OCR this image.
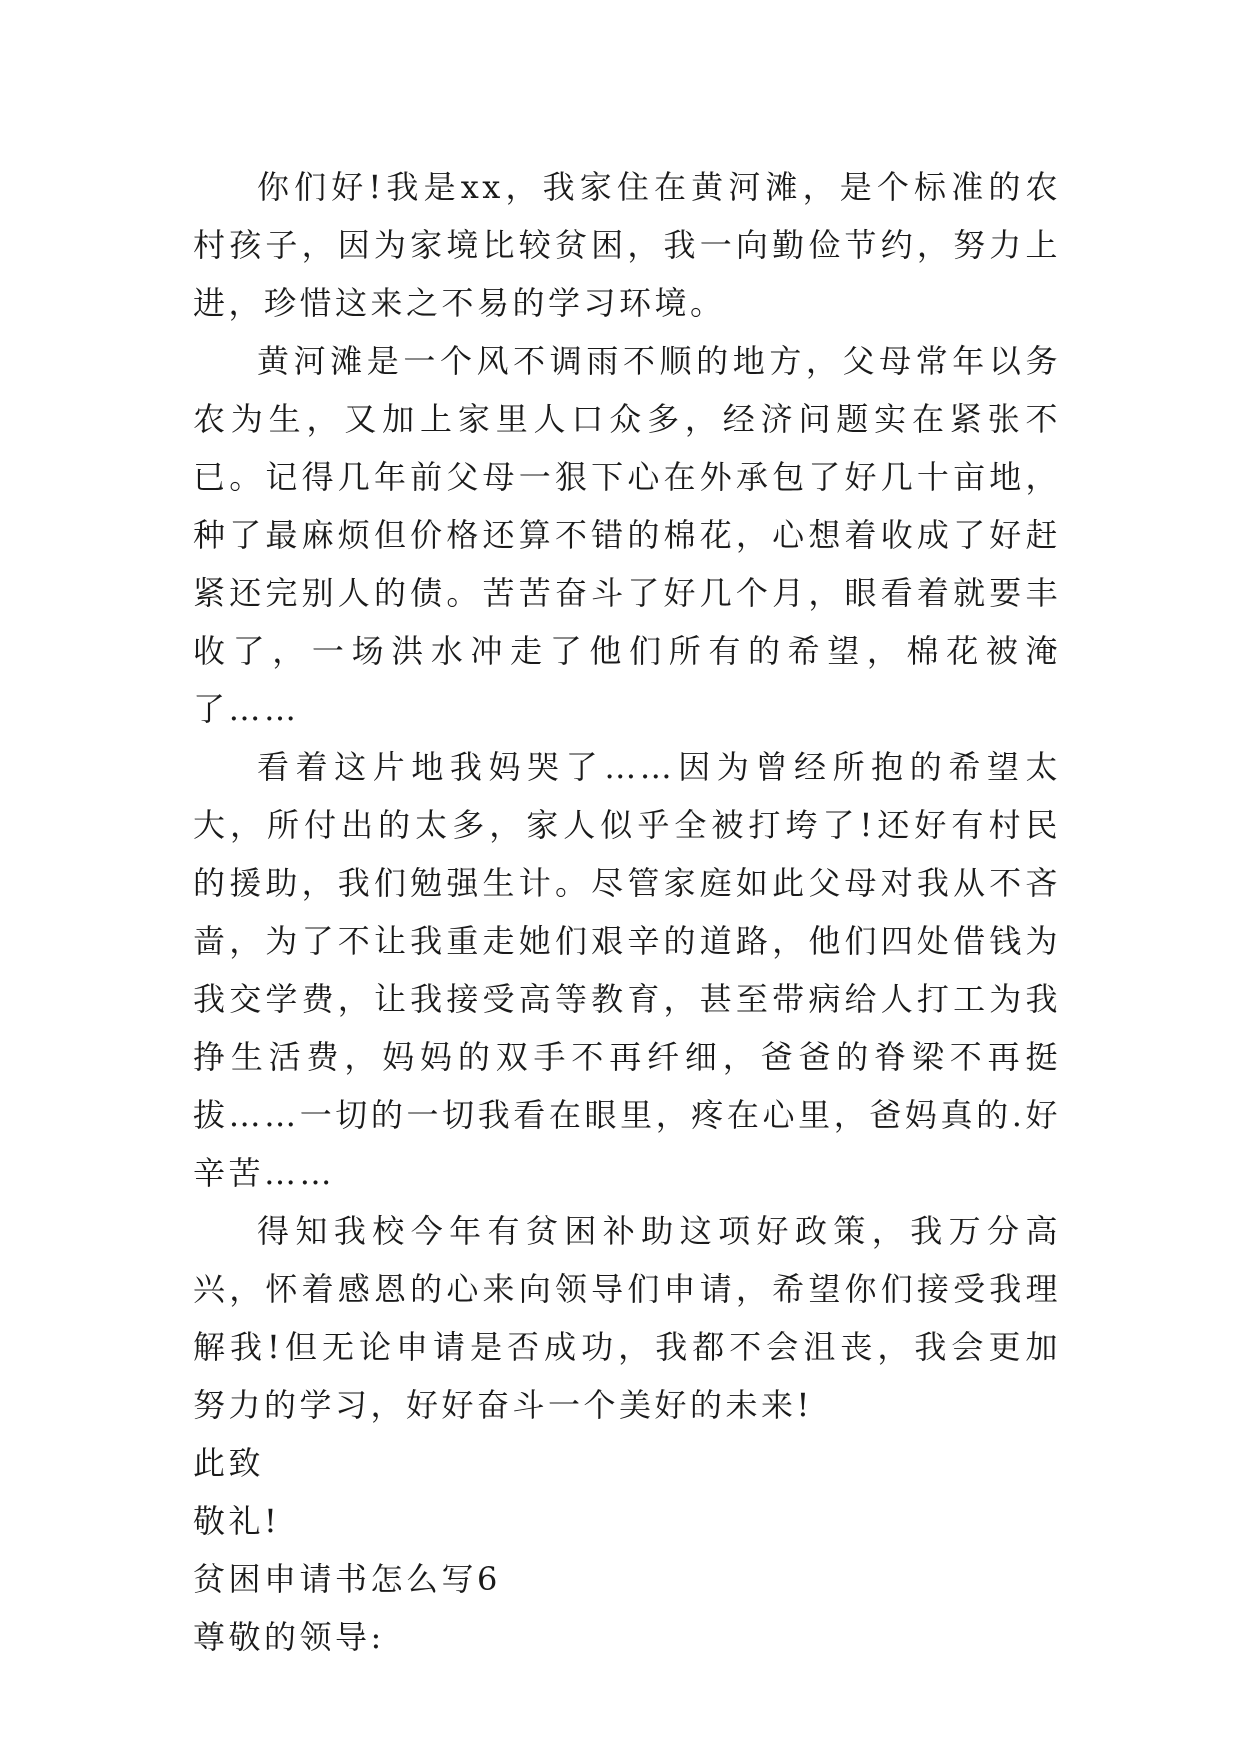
你们好!我是xx，我家住在黄河滩，是个标准的农村孩子，因为家境比较贫困，我一向勤俭节约，努力上进，珍惜这来之不易的学习环境。

黄河滩是一个风不调雨不顺的地方，父母常年以务农为生，又加上家里人口众多，经济问题实在紧张不已。记得几年前父母一狠下心在外承包了好几十亩地，种了最麻烦但价格还算不错的棉花，心想着收成了好赶紧还完别人的债。苦苦奋斗了好几个月，眼看着就要丰收了，一场洪水冲走了他们所有的希望，棉花被淹了……

看着这片地我妈哭了……因为曾经所抱的希望太大，所付出的太多，家人似乎全被打垮了!还好有村民的援助，我们勉强生计。尽管家庭如此父母对我从不吝啬，为了不让我重走她们艰辛的道路，他们四处借钱为我交学费，让我接受高等教育，甚至带病给人打工为我挣生活费，妈妈的双手不再纤细，爸爸的脊梁不再挺拔……一切的一切我看在眼里，疼在心里，爸妈真的.好辛苦……

得知我校今年有贫困补助这项好政策，我万分高兴，怀着感恩的心来向领导们申请，希望你们接受我理解我!但无论申请是否成功，我都不会沮丧，我会更加努力的学习，好好奋斗一个美好的未来!

此致

敬礼!

贫困申请书怎么写6

尊敬的领导:
